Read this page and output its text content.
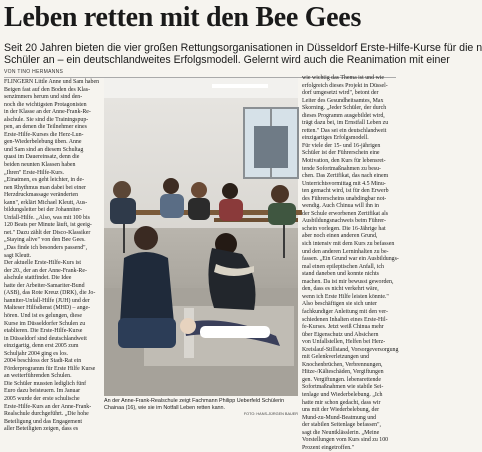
Leben retten mit den Bee Gees
Seit 20 Jahren bieten die vier großen Rettungsorganisationen in Düsseldorf Erste-Hilfe-Kurse für die n
Schüler an – ein deutschlandweites Erfolgsmodell. Gelernt wird auch die Reanimation mit einer
VON TINO HERMANNS
FLINGERN Little Anne und Sam haben
Beigen fast auf den Boden des Klas-
senzimmers herum und sind den-
noch die wichtigsten Protagonisten
in der Klasse an der Anne-Frank-Re-
alschule. Sie sind die Trainingspup-
pen, an denen die Teilnehmer eines
Erste-Hilfe-Kurses die Herz-Lun-
gen-Wiederbelebung üben. Anne
und Sam sind an diesem Schultag
quasi im Dauereinsatz, denn die
beiden neunten Klassen haben
„Ihren" Erste-Hilfe-Kurs.
„Einatmen, es geht leichter, in de-
nen Rhythmus man dabei bei einer
Herzdruckmassage veränderten
kann", erklärt Michael Kleutt, Aus-
bildungsleiter bei der Johanniter-
Unfall-Hilfe. „Also, was mit 100 bis
120 Beats per Minute läuft, ist geeig-
net." Dazu zählt der Disco-Klassiker
„Staying alive" von den Bee Gees.
„Das finde ich besonders passend",
sagt Kleutt.
Der aktuelle Erste-Hilfe-Kurs ist
der 20., der an der Anne-Frank-Re-
alschule stattfindet. Die Idee
hatte der Arbeiter-Samariter-Bund
(ASB), das Rote Kreuz (DRK), die Jo-
hanniter-Unfall-Hilfe (JUH) und der
Malteser Hilfsdienst (MHD) – ange-
hören. Und ist es gelungen, diese
Kurse im Düsseldorfer Schulen zu
etablieren. Die Erste-Hilfe-Kurse
in Düsseldorf sind deutschlandweit
einzigartig, denn erst 2005 zum
Schuljahr 2004 ging es los.
2004 beschloss der Stadt-Rat ein
Förderprogramm für Erste Hilfe Kurse
an weiterführenden Schulen.
Die Schüler mussten lediglich fünf
Euro dazu beisteuern. Im Januar
2005 wurde der erste schulische
Erste-Hilfe-Kurs an der Anne-Frank-
Realschule durchgeführt. „Die hohe
Beteiligung und das Engagement
aller Beteiligten zeigen, dass es
wie wichtig das Thema ist und wie
erfolgreich dieses Projekt in Düssel-
dorf umgesetzt wird", betont der
Leiter des Gesundheitsamtes, Max
Skorning. „Jeder Schüler, der durch
dieses Programm ausgebildet wird,
trägt dazu bei, im Ernstfall Leben zu
retten." Das sei ein deutschlandweit
einzigartiges Erfolgsmodell.
Für viele der 15- und 16-jährigen
Schüler ist der Führerschein eine
Motivation, den Kurs für lebensret-
tende Sofortmaßnahmen zu besu-
chen. Das Zertifikat, das nach einem
Unterrichtsvormittag mit 4.5 Minu-
ten gemacht wird, ist für den Erwerb
des Führerscheins unabdingbar not-
wendig. Auch Chinua will ihn in
der Schule erworbenen Zertifikat als
Ausbildungsnachweis beim Führer-
schein vorlegen. Die 16-Jährige hat
aber noch einen anderen Grund,
sich intensiv mit dem Kurs zu befassen
und den anderen Lerninhalten zu be-
fassen. „Ein Grund war ein Ausbildungs-
mal einen epileptischen Anfall, ich
stand daneben und konnte nichts
machen. Da ist mir bewusst geworden,
den, dass es nicht verkehrt wäre,
wenn ich Erste Hilfe leisten könnte."
Also beschäftigen sie sich unter
fachkundiger Anleitung mit den ver-
schiedenen Inhalten eines Erste-Hil-
fe-Kurses. Jetzt weiß Chinua mehr
über Eigenschutz und Absichern
von Unfallstellen, Helfen bei Herz-
Kreislauf-Stillstand, Vorsorgeversorgung
mit Gelenkverletzungen und
Knochenbrüchen, Verbrennungen,
Hitze-/Kälteschäden, Vergiftungen
gen. Vergiftungen. lebensrettende
Sofortmaßnahmen wie stabile Sei-
tenlage und Wiederbelebung. „Ich
hatte mir schon gedacht, dass wir
uns mit der Wiederbelebung, der
Mund-zu-Mund-Beatmung und
der stabilen Seitenlage befassen",
sagt die Neuntklässlerin. „Meine
Vorstellungen vom Kurs sind zu 100
Prozent eingetroffen."
An der Anne-Frank-Realschule zeigt Fachmann Philipp Ueberfeld Schülerin
Chainaa (16), wie sie im Notfall Leben retten kann.
FOTO: HANS-JÜRGEN BAUER
